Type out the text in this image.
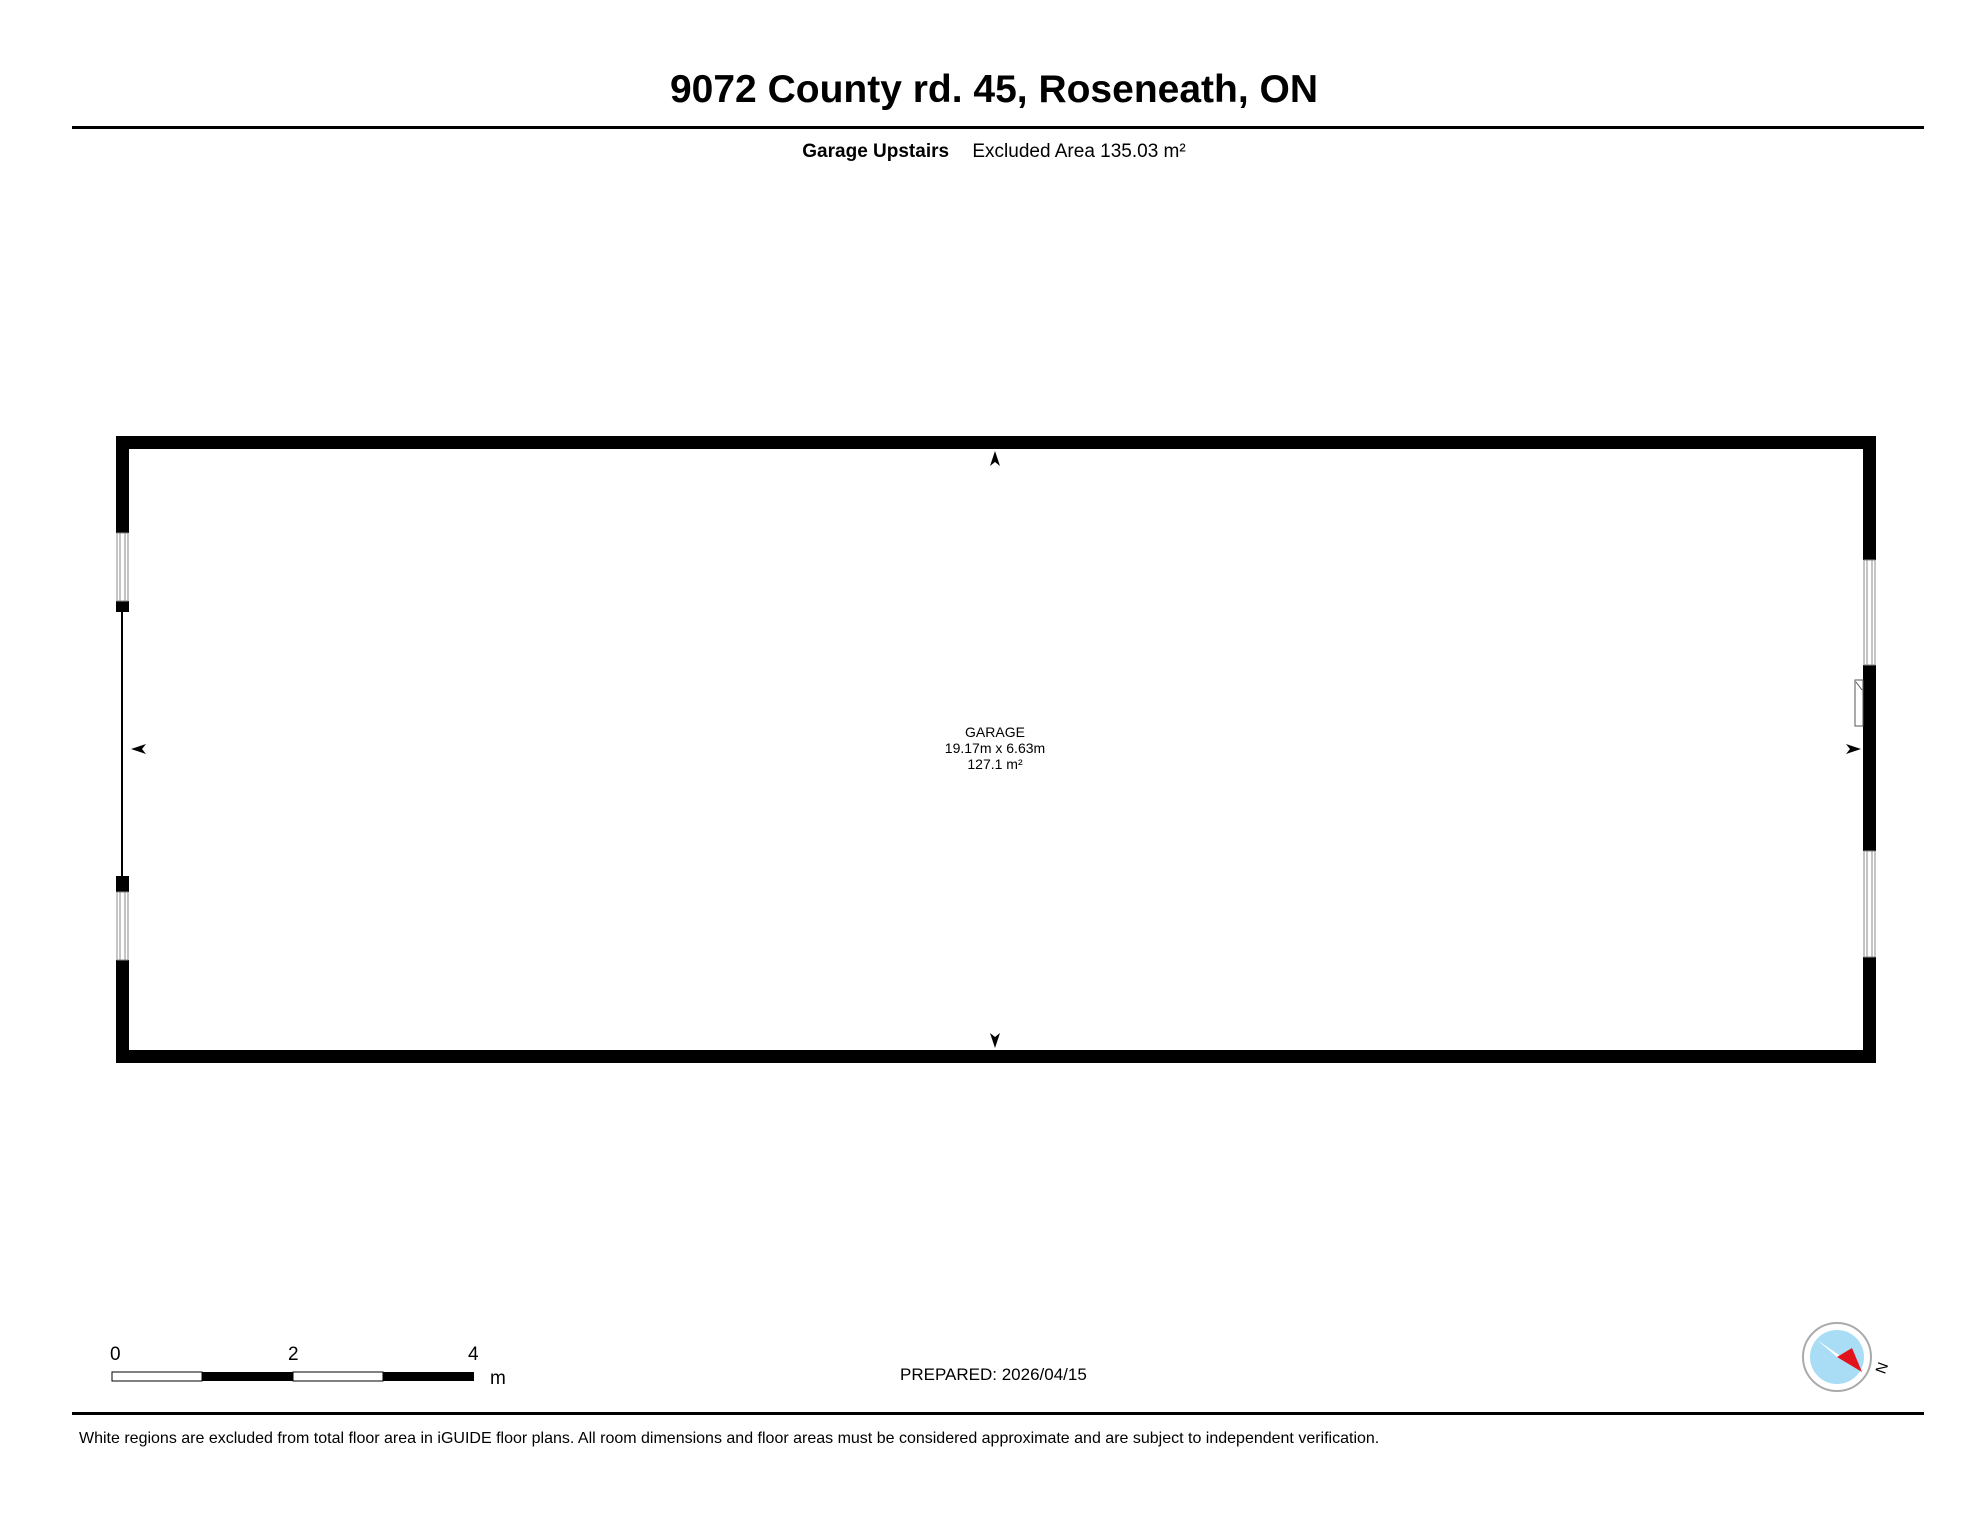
9072 County rd. 45, Roseneath, ON
Garage Upstairs Excluded Area 135.03 m²
GARAGE
19.17m x 6.63m
127.1 m²
N
0	2	4
m	PREPARED: 2026/04/15
White regions are excluded from total floor area in iGUIDE floor plans. All room dimensions and floor areas must be considered approximate and are subject to independent verification.
